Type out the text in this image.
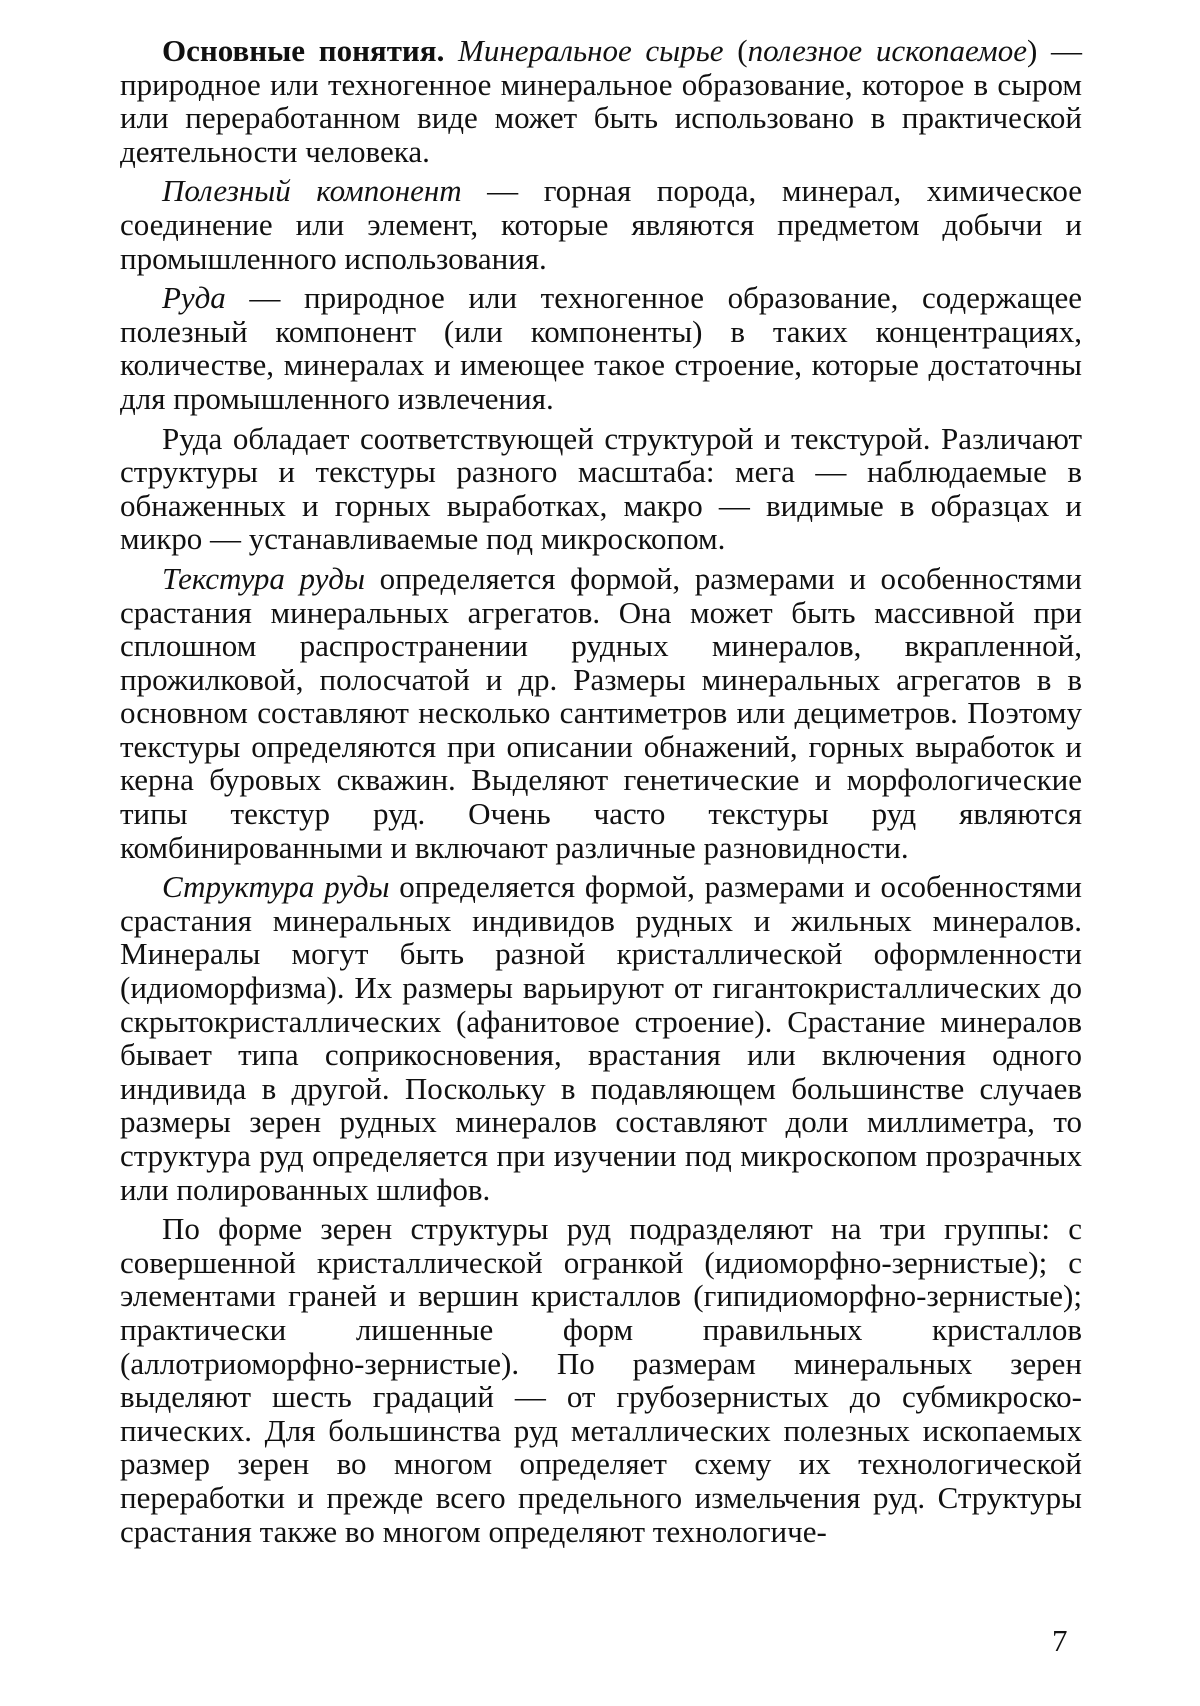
Основные понятия. Минеральное сырье (полезное ископаемое) — природное или техногенное минеральное образование, которое в сыром или переработанном виде может быть использовано в практической деятельности человека.

Полезный компонент — горная порода, минерал, химическое соединение или элемент, которые являются предметом добычи и промышленного использования.

Руда — природное или техногенное образование, содержащее полезный компонент (или компоненты) в таких концентрациях, количестве, минералах и имеющее такое строение, которые достаточны для промышленного извлечения.

Руда обладает соответствующей структурой и текстурой. Различают структуры и текстуры разного масштаба: мега — наблюдаемые в обнаженных и горных выработках, макро — видимые в образцах и микро — устанавливаемые под микроскопом.

Текстура руды определяется формой, размерами и особенностями срастания минеральных агрегатов. Она может быть массивной при сплошном распространении рудных минералов, вкрапленной, прожилковой, полосчатой и др. Размеры минеральных агрегатов в в основном составляют несколько сантиметров или дециметров. Поэтому текстуры определяются при описании обнажений, горных выработок и керна буровых скважин. Выделяют генетические и морфологические типы текстур руд. Очень часто текстуры руд являются комбинированными и включают различные разновидности.

Структура руды определяется формой, размерами и особенностями срастания минеральных индивидов рудных и жильных минералов. Минералы могут быть разной кристаллической оформленности (идиоморфизма). Их размеры варьируют от гигантокристаллических до скрытокристаллических (афанитовое строение). Срастание минералов бывает типа соприкосновения, врастания или включения одного индивида в другой. Поскольку в подавляющем большинстве случаев размеры зерен рудных минералов составляют доли миллиметра, то структура руд определяется при изучении под микроскопом прозрачных или полированных шлифов.

По форме зерен структуры руд подразделяют на три группы: с совершенной кристаллической огранкой (идиоморфно-зернистые); с элементами граней и вершин кристаллов (гипидиоморфно-зернистые); практически лишенные форм правильных кристаллов (аллотриоморфно-зернистые). По размерам минеральных зерен выделяют шесть градаций — от грубозернистых до субмикроскопических. Для большинства руд металлических полезных ископаемых размер зерен во многом определяет схему их технологической переработки и прежде всего предельного измельчения руд. Структуры срастания также во многом определяют технологиче-

7
